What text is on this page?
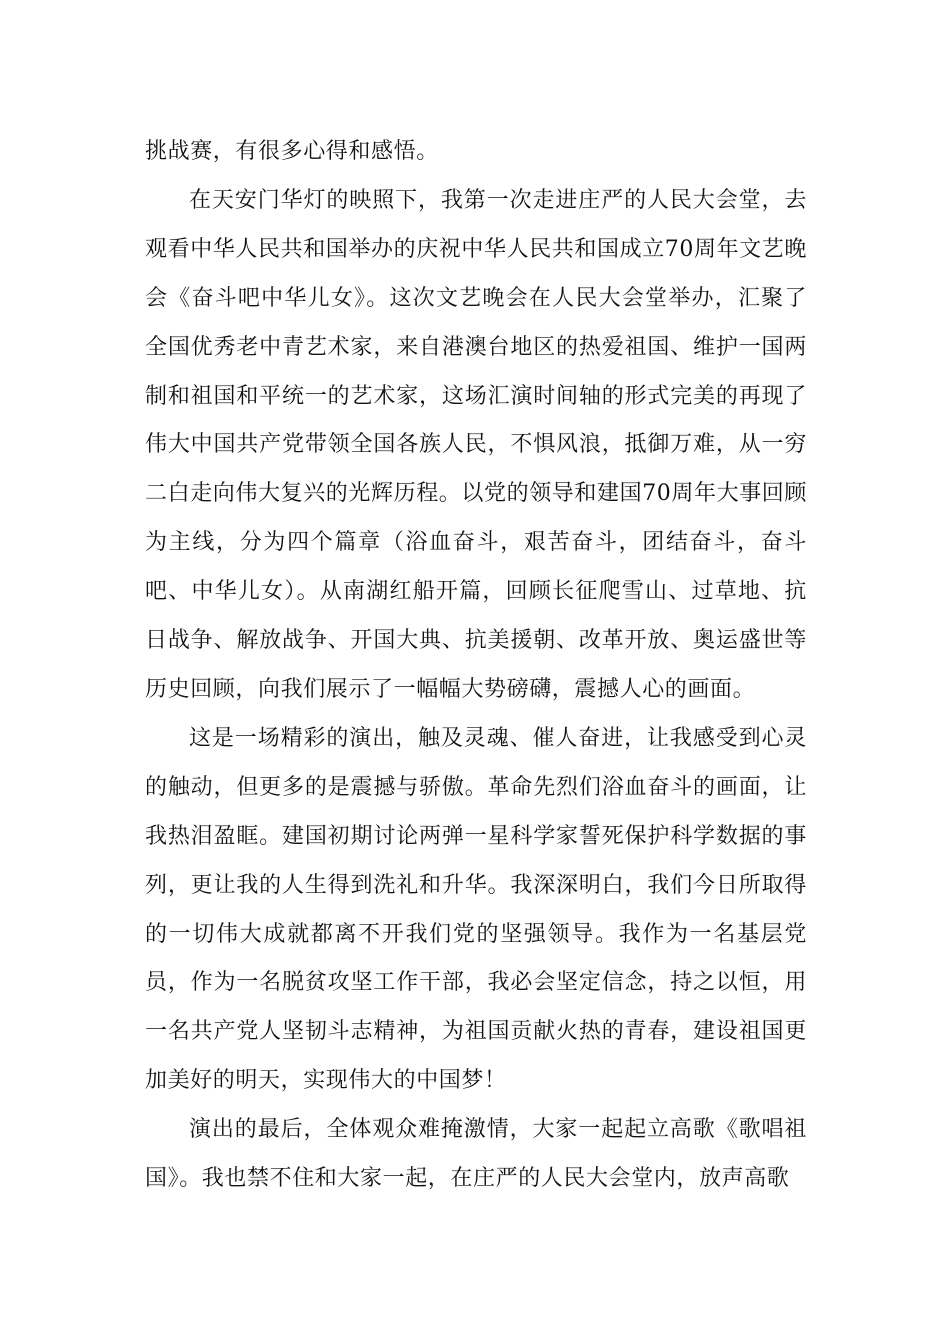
挑战赛，有很多心得和感悟。

在天安门华灯的映照下，我第一次走进庄严的人民大会堂，去观看中华人民共和国举办的庆祝中华人民共和国成立70周年文艺晚会《奋斗吧中华儿女》。这次文艺晚会在人民大会堂举办，汇聚了全国优秀老中青艺术家，来自港澳台地区的热爱祖国、维护一国两制和祖国和平统一的艺术家，这场汇演时间轴的形式完美的再现了伟大中国共产党带领全国各族人民，不惧风浪，抵御万难，从一穷二白走向伟大复兴的光辉历程。以党的领导和建国70周年大事回顾为主线，分为四个篇章（浴血奋斗，艰苦奋斗，团结奋斗，奋斗吧、中华儿女）。从南湖红船开篇，回顾长征爬雪山、过草地、抗日战争、解放战争、开国大典、抗美援朝、改革开放、奥运盛世等历史回顾，向我们展示了一幅幅大势磅礴，震撼人心的画面。

这是一场精彩的演出，触及灵魂、催人奋进，让我感受到心灵的触动，但更多的是震撼与骄傲。革命先烈们浴血奋斗的画面，让我热泪盈眶。建国初期讨论两弹一星科学家誓死保护科学数据的事列，更让我的人生得到洗礼和升华。我深深明白，我们今日所取得的一切伟大成就都离不开我们党的坚强领导。我作为一名基层党员，作为一名脱贫攻坚工作干部，我必会坚定信念，持之以恒，用一名共产党人坚韧斗志精神，为祖国贡献火热的青春，建设祖国更加美好的明天，实现伟大的中国梦！

演出的最后，全体观众难掩激情，大家一起起立高歌《歌唱祖国》。我也禁不住和大家一起，在庄严的人民大会堂内，放声高歌
